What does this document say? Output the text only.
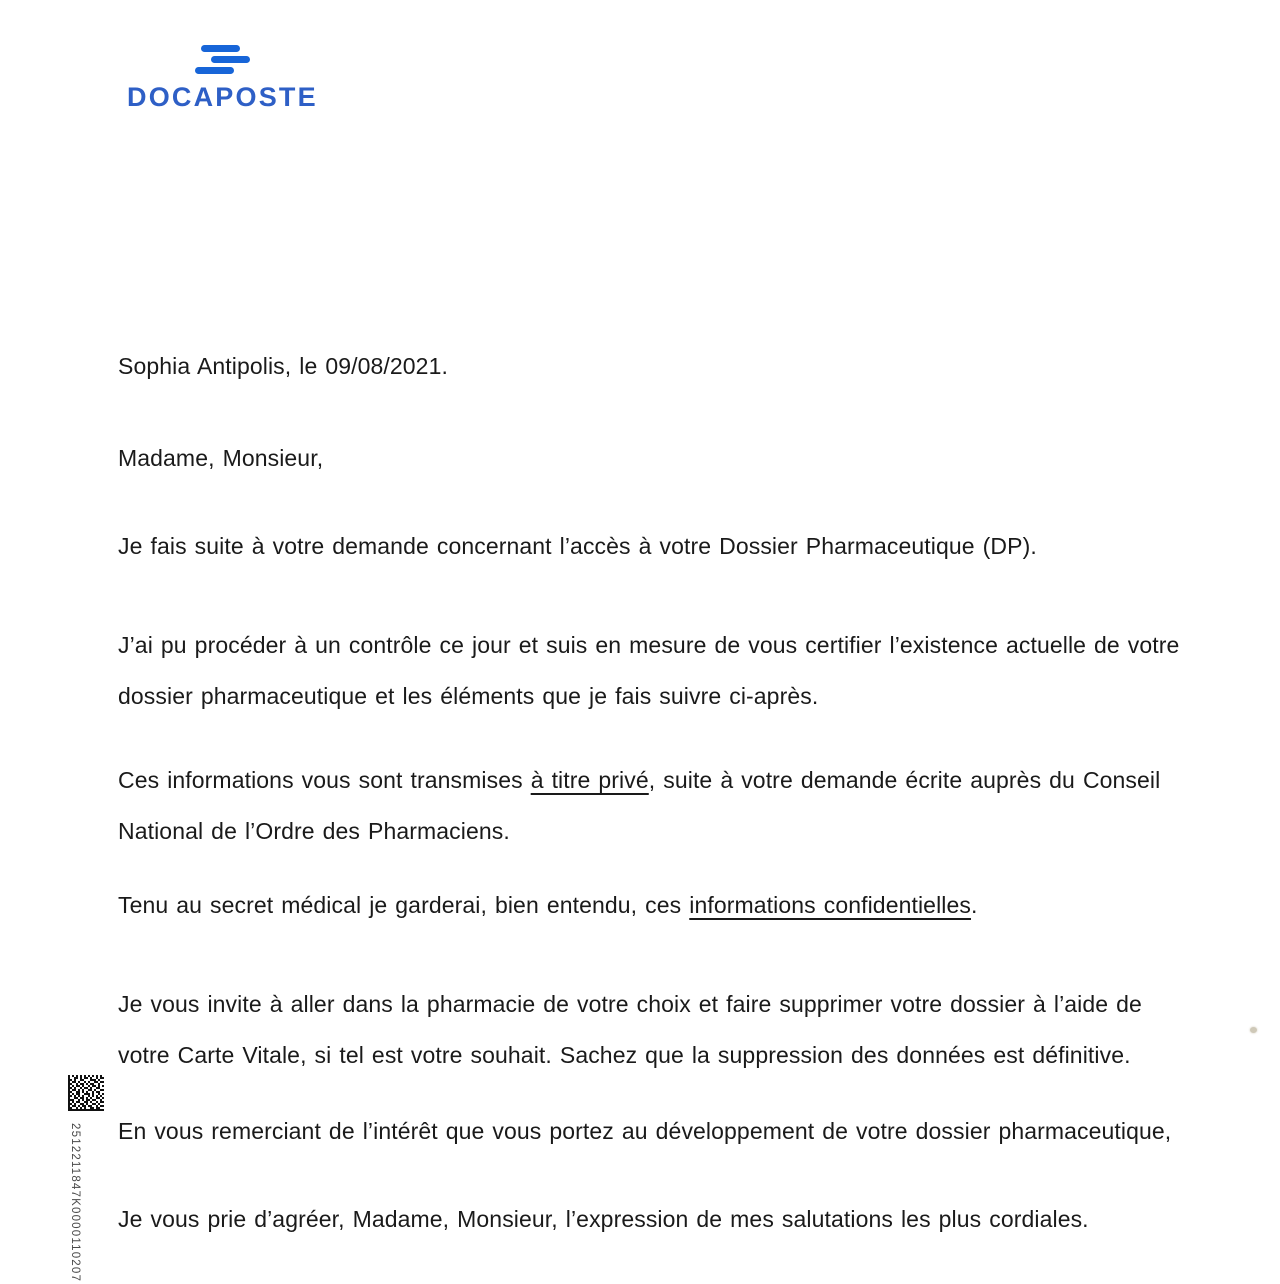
DOCAPOSTE
Sophia Antipolis, le 09/08/2021.
Madame, Monsieur,
Je fais suite à votre demande concernant l’accès à votre Dossier Pharmaceutique (DP).
J’ai pu procéder à un contrôle ce jour et suis en mesure de vous certifier l’existence actuelle de votre dossier pharmaceutique et les éléments que je fais suivre ci-après.
Ces informations vous sont transmises à titre privé, suite à votre demande écrite auprès du Conseil National de l’Ordre des Pharmaciens.
Tenu au secret médical je garderai, bien entendu, ces informations confidentielles.
Je vous invite à aller dans la pharmacie de votre choix et faire supprimer votre dossier à l’aide de votre Carte Vitale, si tel est votre souhait. Sachez que la suppression des données est définitive.
En vous remerciant de l’intérêt que vous portez au développement de votre dossier pharmaceutique,
Je vous prie d’agréer, Madame, Monsieur, l’expression de mes salutations les plus cordiales.
2512211847K0000110207
